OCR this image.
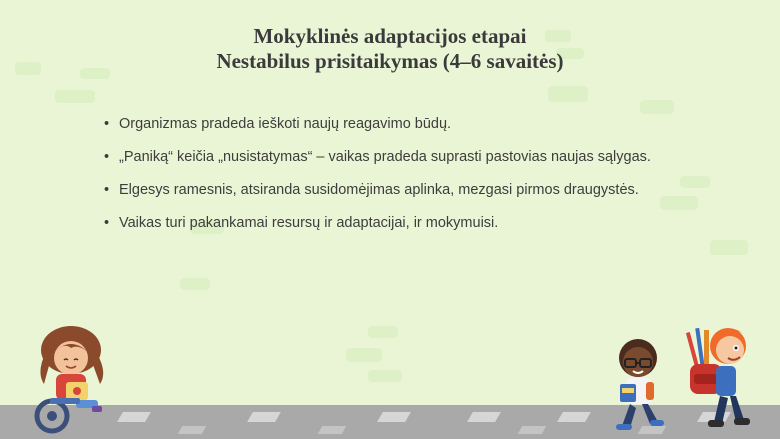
Mokyklinės adaptacijos etapai
Nestabilus prisitaikymas (4–6 savaitės)
• Organizmas pradeda ieškoti naujų reagavimo būdų.
• „Paniką“ keičia „nusistatymas“ – vaikas pradeda suprasti pastovias naujas sąlygas.
• Elgesys ramesnis, atsiranda susidomėjimas aplinka, mezgasi pirmos draugystės.
• Vaikas turi pakankamai resursų ir adaptacijai, ir mokymuisi.
